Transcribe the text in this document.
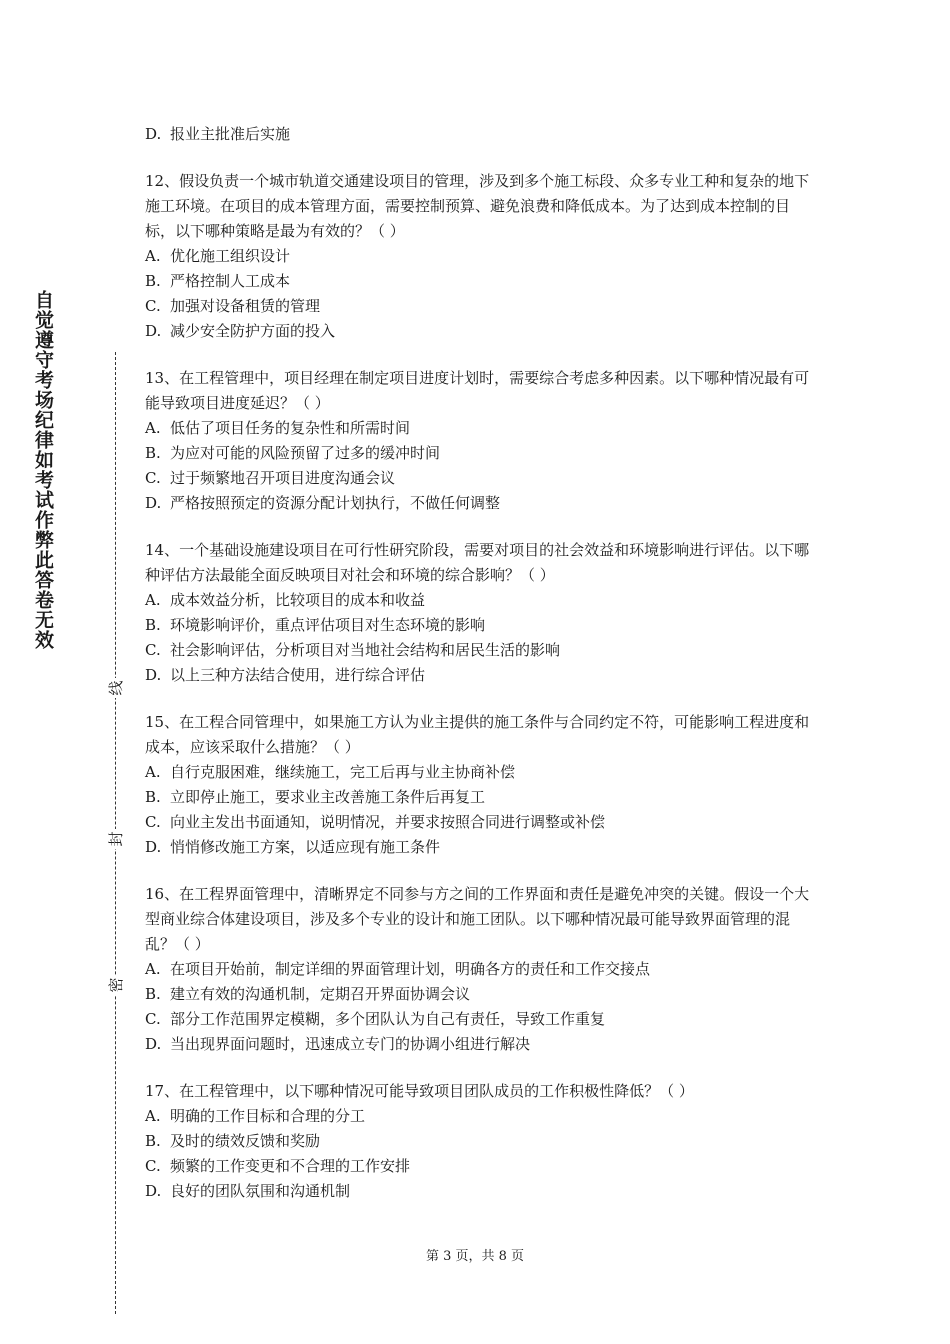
自觉遵守考场纪律如考试作弊此答卷无效
线
封
密
D. 报业主批准后实施
12、假设负责一个城市轨道交通建设项目的管理，涉及到多个施工标段、众多专业工种和复杂的地下施工环境。在项目的成本管理方面，需要控制预算、避免浪费和降低成本。为了达到成本控制的目标，以下哪种策略是最为有效的？（ ）
A. 优化施工组织设计
B. 严格控制人工成本
C. 加强对设备租赁的管理
D. 减少安全防护方面的投入
13、在工程管理中，项目经理在制定项目进度计划时，需要综合考虑多种因素。以下哪种情况最有可能导致项目进度延迟？（ ）
A. 低估了项目任务的复杂性和所需时间
B. 为应对可能的风险预留了过多的缓冲时间
C. 过于频繁地召开项目进度沟通会议
D. 严格按照预定的资源分配计划执行，不做任何调整
14、一个基础设施建设项目在可行性研究阶段，需要对项目的社会效益和环境影响进行评估。以下哪种评估方法最能全面反映项目对社会和环境的综合影响？（ ）
A. 成本效益分析，比较项目的成本和收益
B. 环境影响评价，重点评估项目对生态环境的影响
C. 社会影响评估，分析项目对当地社会结构和居民生活的影响
D. 以上三种方法结合使用，进行综合评估
15、在工程合同管理中，如果施工方认为业主提供的施工条件与合同约定不符，可能影响工程进度和成本，应该采取什么措施？（ ）
A. 自行克服困难，继续施工，完工后再与业主协商补偿
B. 立即停止施工，要求业主改善施工条件后再复工
C. 向业主发出书面通知，说明情况，并要求按照合同进行调整或补偿
D. 悄悄修改施工方案，以适应现有施工条件
16、在工程界面管理中，清晰界定不同参与方之间的工作界面和责任是避免冲突的关键。假设一个大型商业综合体建设项目，涉及多个专业的设计和施工团队。以下哪种情况最可能导致界面管理的混乱？（ ）
A. 在项目开始前，制定详细的界面管理计划，明确各方的责任和工作交接点
B. 建立有效的沟通机制，定期召开界面协调会议
C. 部分工作范围界定模糊，多个团队认为自己有责任，导致工作重复
D. 当出现界面问题时，迅速成立专门的协调小组进行解决
17、在工程管理中，以下哪种情况可能导致项目团队成员的工作积极性降低？（ ）
A. 明确的工作目标和合理的分工
B. 及时的绩效反馈和奖励
C. 频繁的工作变更和不合理的工作安排
D. 良好的团队氛围和沟通机制
第 3 页，共 8 页
